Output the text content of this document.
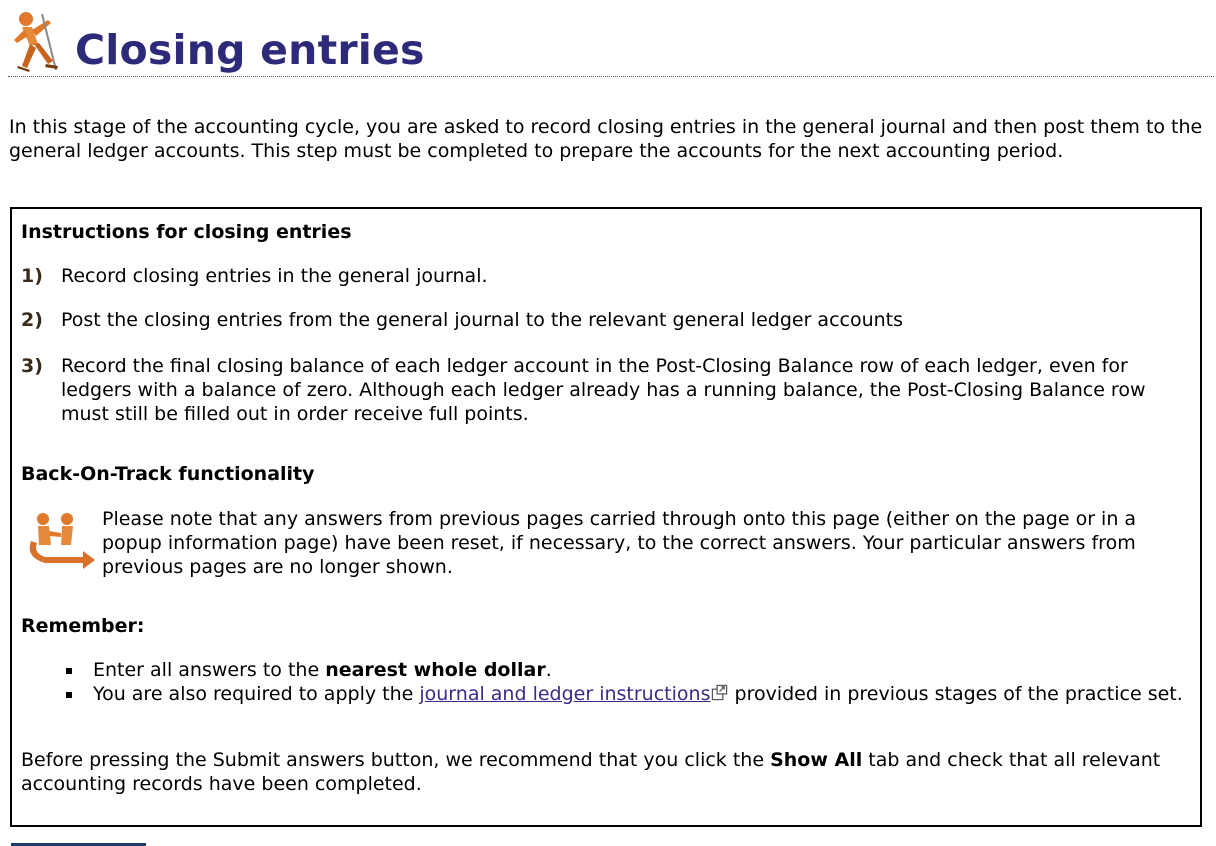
Closing entries

In this stage of the accounting cycle, you are asked to record closing entries in the general journal and then post them to the general ledger accounts. This step must be completed to prepare the accounts for the next accounting period.

Instructions for closing entries
1) Record closing entries in the general journal.
2) Post the closing entries from the general journal to the relevant general ledger accounts
3) Record the final closing balance of each ledger account in the Post-Closing Balance row of each ledger, even for ledgers with a balance of zero. Although each ledger already has a running balance, the Post-Closing Balance row must still be filled out in order receive full points.
Back-On-Track functionality
Please note that any answers from previous pages carried through onto this page (either on the page or in a popup information page) have been reset, if necessary, to the correct answers. Your particular answers from previous pages are no longer shown.
Remember:
Enter all answers to the nearest whole dollar.
You are also required to apply the journal and ledger instructions provided in previous stages of the practice set.

Before pressing the Submit answers button, we recommend that you click the Show All tab and check that all relevant accounting records have been completed.
